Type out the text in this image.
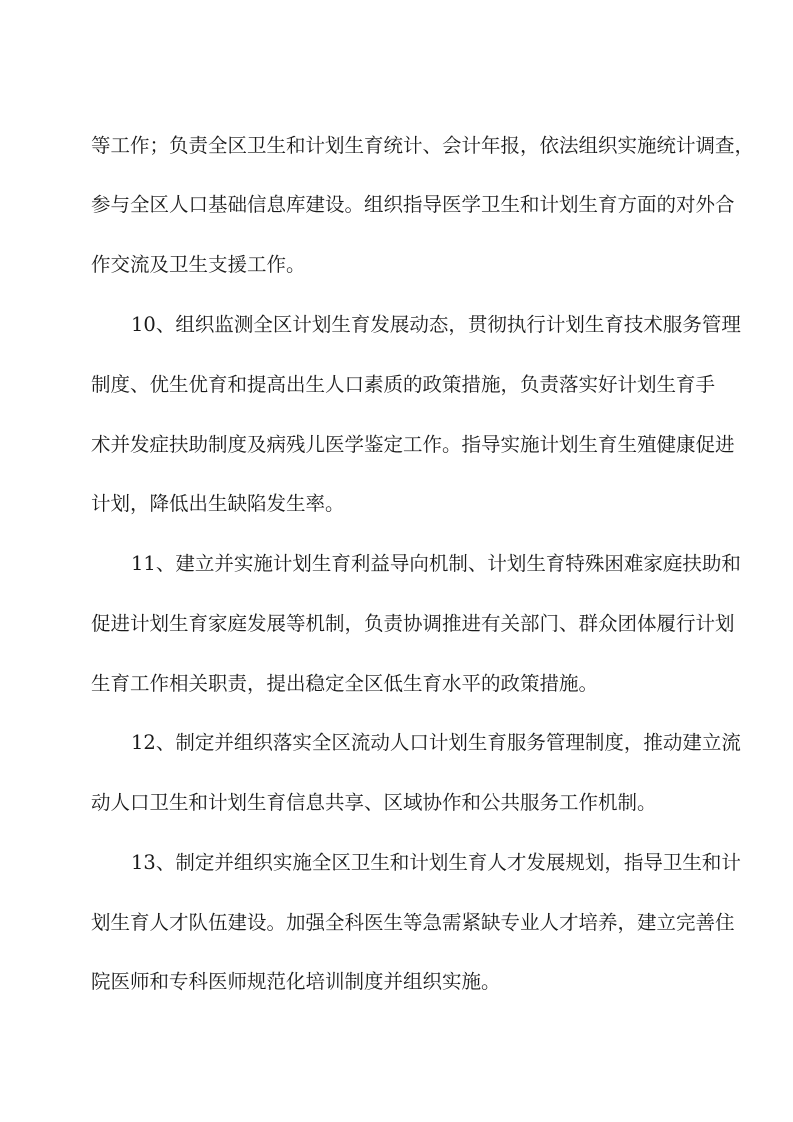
等工作；负责全区卫生和计划生育统计、会计年报，依法组织实施统计调查，
参与全区人口基础信息库建设。组织指导医学卫生和计划生育方面的对外合
作交流及卫生支援工作。
10、组织监测全区计划生育发展动态，贯彻执行计划生育技术服务管理
制度、优生优育和提高出生人口素质的政策措施，负责落实好计划生育手
术并发症扶助制度及病残儿医学鉴定工作。指导实施计划生育生殖健康促进
计划，降低出生缺陷发生率。
11、建立并实施计划生育利益导向机制、计划生育特殊困难家庭扶助和
促进计划生育家庭发展等机制，负责协调推进有关部门、群众团体履行计划
生育工作相关职责，提出稳定全区低生育水平的政策措施。
12、制定并组织落实全区流动人口计划生育服务管理制度，推动建立流
动人口卫生和计划生育信息共享、区域协作和公共服务工作机制。
13、制定并组织实施全区卫生和计划生育人才发展规划，指导卫生和计
划生育人才队伍建设。加强全科医生等急需紧缺专业人才培养，建立完善住
院医师和专科医师规范化培训制度并组织实施。
